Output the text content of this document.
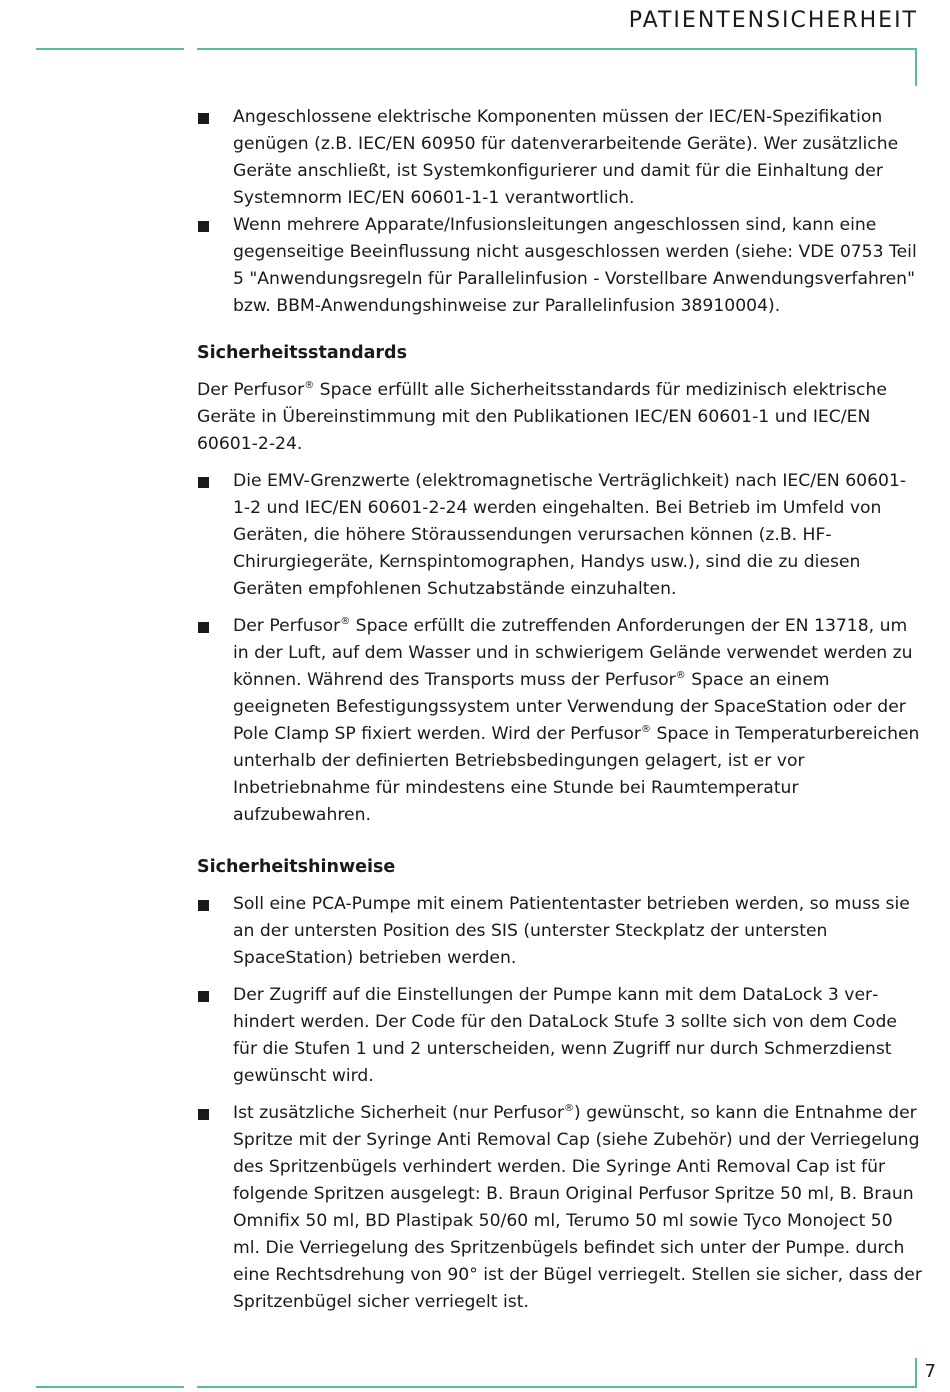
PATIENTENSICHERHEIT
Angeschlossene elektrische Komponenten müssen der IEC/EN-Spezifikation genügen (z.B. IEC/EN 60950 für datenverarbeitende Geräte). Wer zusätzliche Geräte anschließt, ist Systemkonfigurierer und damit für die Einhaltung der Systemnorm IEC/EN 60601-1-1 verantwortlich.
Wenn mehrere Apparate/Infusionsleitungen angeschlossen sind, kann eine gegenseitige Beeinflussung nicht ausgeschlossen werden (siehe: VDE 0753 Teil 5 "Anwendungsregeln für Parallelinfusion - Vorstellbare Anwendungsverfahren" bzw. BBM-Anwendungshinweise zur Parallelinfusion 38910004).
Sicherheitsstandards

Der Perfusor® Space erfüllt alle Sicherheitsstandards für medizinisch elektrische Geräte in Übereinstimmung mit den Publikationen IEC/EN 60601-1 und IEC/EN 60601-2-24.

Die EMV-Grenzwerte (elektromagnetische Verträglichkeit) nach IEC/EN 60601-1-2 und IEC/EN 60601-2-24 werden eingehalten. Bei Betrieb im Umfeld von Geräten, die höhere Störaussendungen verursachen können (z.B. HF-Chirurgiegeräte, Kernspintomographen, Handys usw.), sind die zu diesen Geräten empfohlenen Schutzabstände einzuhalten.
Der Perfusor® Space erfüllt die zutreffenden Anforderungen der EN 13718, um in der Luft, auf dem Wasser und in schwierigem Gelände verwendet werden zu können. Während des Transports muss der Perfusor® Space an einem geeigneten Befestigungssystem unter Verwendung der SpaceStation oder der Pole Clamp SP fixiert werden. Wird der Perfusor® Space in Temperaturbereichen unterhalb der definierten Betriebsbedingungen gelagert, ist er vor Inbetriebnahme für mindestens eine Stunde bei Raumtemperatur aufzubewahren.
Sicherheitshinweise
Soll eine PCA-Pumpe mit einem Patiententaster betrieben werden, so muss sie an der untersten Position des SIS (unterster Steckplatz der untersten SpaceStation) betrieben werden.
Der Zugriff auf die Einstellungen der Pumpe kann mit dem DataLock 3 verhindert werden. Der Code für den DataLock Stufe 3 sollte sich von dem Code für die Stufen 1 und 2 unterscheiden, wenn Zugriff nur durch Schmerzdienst gewünscht wird.
Ist zusätzliche Sicherheit (nur Perfusor®) gewünscht, so kann die Entnahme der Spritze mit der Syringe Anti Removal Cap (siehe Zubehör) und der Verriegelung des Spritzenbügels verhindert werden. Die Syringe Anti Removal Cap ist für folgende Spritzen ausgelegt: B. Braun Original Perfusor Spritze 50 ml, B. Braun Omnifix 50 ml, BD Plastipak 50/60 ml, Terumo 50 ml sowie Tyco Monoject 50 ml. Die Verriegelung des Spritzenbügels befindet sich unter der Pumpe. durch eine Rechtsdrehung von 90° ist der Bügel verriegelt. Stellen sie sicher, dass der Spritzenbügel sicher verriegelt ist.
7
